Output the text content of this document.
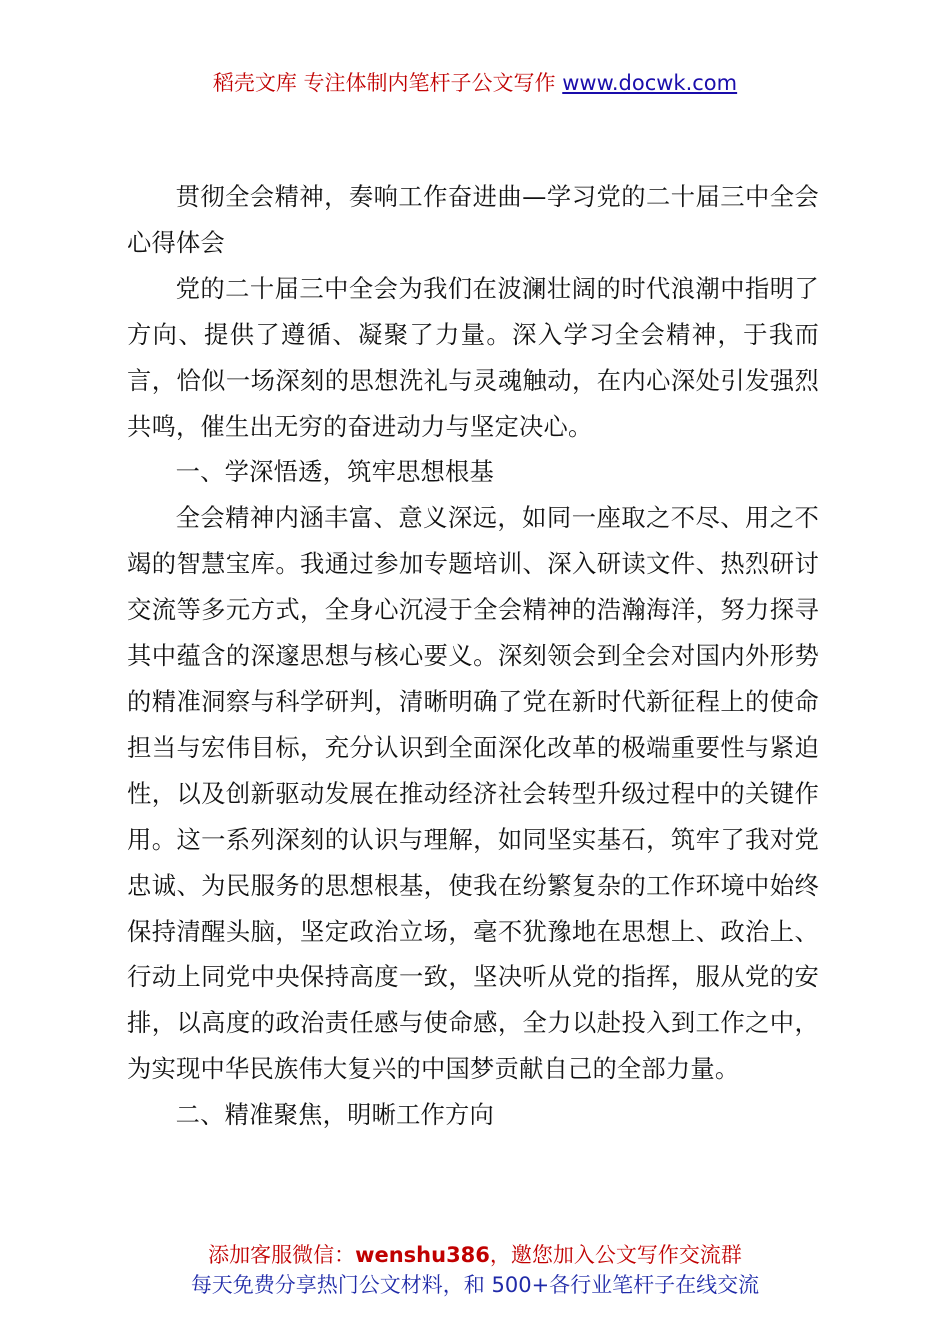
稻壳文库 专注体制内笔杆子公文写作 www.docwk.com

贯彻全会精神，奏响工作奋进曲—学习党的二十届三中全会心得体会

党的二十届三中全会为我们在波澜壮阔的时代浪潮中指明了方向、提供了遵循、凝聚了力量。深入学习全会精神，于我而言，恰似一场深刻的思想洗礼与灵魂触动，在内心深处引发强烈共鸣，催生出无穷的奋进动力与坚定决心。

一、学深悟透，筑牢思想根基

全会精神内涵丰富、意义深远，如同一座取之不尽、用之不竭的智慧宝库。我通过参加专题培训、深入研读文件、热烈研讨交流等多元方式，全身心沉浸于全会精神的浩瀚海洋，努力探寻其中蕴含的深邃思想与核心要义。深刻领会到全会对国内外形势的精准洞察与科学研判，清晰明确了党在新时代新征程上的使命担当与宏伟目标，充分认识到全面深化改革的极端重要性与紧迫性，以及创新驱动发展在推动经济社会转型升级过程中的关键作用。这一系列深刻的认识与理解，如同坚实基石，筑牢了我对党忠诚、为民服务的思想根基，使我在纷繁复杂的工作环境中始终保持清醒头脑，坚定政治立场，毫不犹豫地在思想上、政治上、行动上同党中央保持高度一致，坚决听从党的指挥，服从党的安排，以高度的政治责任感与使命感，全力以赴投入到工作之中，为实现中华民族伟大复兴的中国梦贡献自己的全部力量。

二、精准聚焦，明晰工作方向

添加客服微信：wenshu386，邀您加入公文写作交流群
每天免费分享热门公文材料，和 500+各行业笔杆子在线交流
